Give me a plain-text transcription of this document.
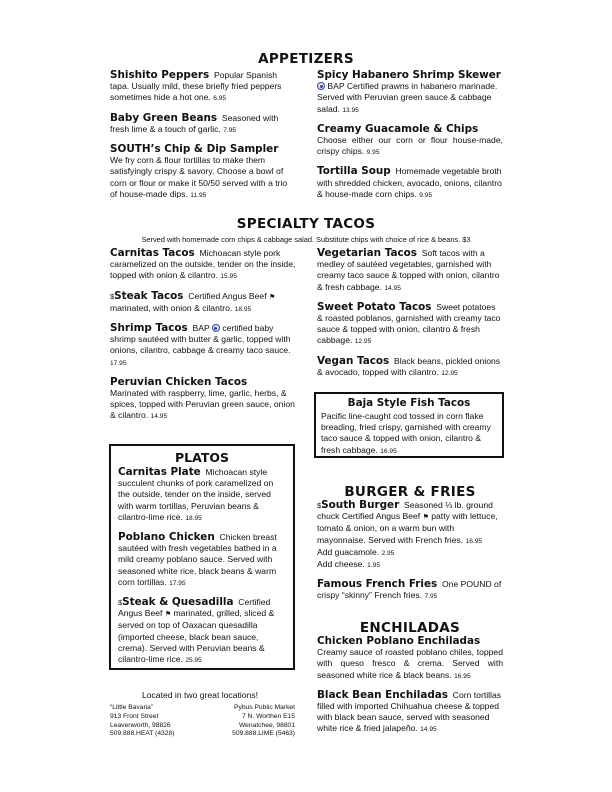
APPETIZERS

Shishito Peppers Popular Spanish tapa. Usually mild, these briefly fried peppers sometimes hide a hot one. 6.95

Baby Green Beans Seasoned with fresh lime & a touch of garlic. 7.95

SOUTH’s Chip & Dip Sampler
We fry corn & flour tortillas to make them satisfyingly crispy & savory. Choose a bowl of corn or flour or make it 50/50 served with a trio of house-made dips. 11.95

Spicy Habanero Shrimp Skewer
BAP Certified prawns in habanero marinade. Served with Peruvian green sauce & cabbage salad. 13.95

Creamy Guacamole & Chips
Choose either our corn or flour house-made, crispy chips. 9.95

Tortilla Soup Homemade vegetable broth with shredded chicken, avocado, onions, cilantro & house-made corn chips. 9.95

SPECIALTY TACOS
Served with homemade corn chips & cabbage salad. Substitute chips with choice of rice & beans. $3

Carnitas Tacos Michoacan style pork caramelized on the outside, tender on the inside, topped with onion & cilantro. 15.95

$Steak Tacos Certified Angus Beef ⚑ marinated, with onion & cilantro. 18.95

Shrimp Tacos BAP certified baby shrimp sautéed with butter & garlic, topped with onions, cilantro, cabbage & creamy taco sauce. 17.95

Peruvian Chicken Tacos
Marinated with raspberry, lime, garlic, herbs, & spices, topped with Peruvian green sauce, onion & cilantro. 14.95

Vegetarian Tacos Soft tacos with a medley of sautéed vegetables, garnished with creamy taco sauce & topped with onion, cilantro & fresh cabbage. 14.95

Sweet Potato Tacos Sweet potatoes & roasted poblanos, garnished with creamy taco sauce & topped with onion, cilantro & fresh cabbage. 12.95

Vegan Tacos Black beans, pickled onions & avocado, topped with cilantro. 12.95

Baja Style Fish Tacos
Pacific line-caught cod tossed in corn flake breading, fried crispy, garnished with creamy taco sauce & topped with onion, cilantro & fresh cabbage. 16.95
PLATOS

Carnitas Plate Michoacan style succulent chunks of pork caramelized on the outside, tender on the inside, served with warm tortillas, Peruvian beans & cilantro-lime rice. 18.95

Poblano Chicken Chicken breast sautéed with fresh vegetables bathed in a mild creamy poblano sauce. Served with seasoned white rice, black beans & warm corn tortillas. 17.95

$Steak & Quesadilla Certified Angus Beef ⚑ marinated, grilled, sliced & served on top of Oaxacan quesadilla (imported cheese, black bean sauce, crema). Served with Peruvian beans & cilantro-lime rice. 25.95

BURGER & FRIES

$South Burger Seasoned ⅓ lb. ground chuck Certified Angus Beef ⚑ patty with lettuce, tomato & onion, on a warm bun with mayonnaise. Served with French fries. 16.95
Add guacamole. 2.95
Add cheese. 1.95

Famous French Fries One POUND of crispy “skinny” French fries. 7.95

ENCHILADAS

Chicken Poblano Enchiladas
Creamy sauce of roasted poblano chiles, topped with queso fresco & crema. Served with seasoned white rice & black beans. 16.95

Black Bean Enchiladas Corn tortillas filled with imported Chihuahua cheese & topped with black bean sauce, served with seasoned white rice & fried jalapeño. 14.95

Located in two great locations!
“Little Bavaria”
913 Front Street
Leavenworth, 98826
509.888.HEAT (4328)
Pybus Public Market
7 N. Worthen E15
Wenatchee, 98801
509.888.LIME (5463)
